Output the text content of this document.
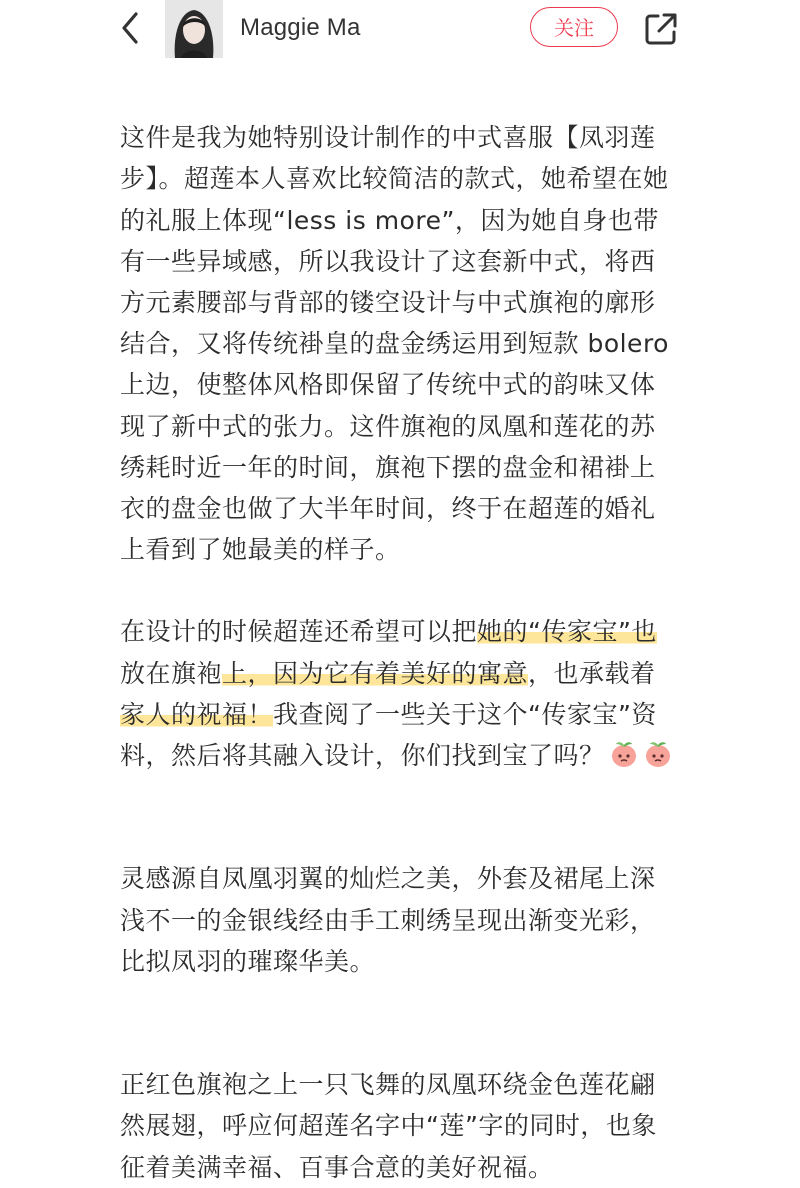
Maggie Ma	关注

这件是我为她特别设计制作的中式喜服【凤羽莲步】。超莲本人喜欢比较简洁的款式，她希望在她的礼服上体现“less is more”，因为她自身也带有一些异域感，所以我设计了这套新中式，将西方元素腰部与背部的镂空设计与中式旗袍的廓形结合，又将传统褂皇的盘金绣运用到短款 bolero 上边，使整体风格即保留了传统中式的韵味又体现了新中式的张力。这件旗袍的凤凰和莲花的苏绣耗时近一年的时间，旗袍下摆的盘金和裙褂上衣的盘金也做了大半年时间，终于在超莲的婚礼上看到了她最美的样子。

在设计的时候超莲还希望可以把她的“传家宝”也放在旗袍上，因为它有着美好的寓意，也承载着家人的祝福！我查阅了一些关于这个“传家宝”资料，然后将其融入设计，你们找到宝了吗？

灵感源自凤凰羽翼的灿烂之美，外套及裙尾上深浅不一的金银线经由手工刺绣呈现出渐变光彩，比拟凤羽的璀璨华美。

正红色旗袍之上一只飞舞的凤凰环绕金色莲花翩然展翅，呼应何超莲名字中“莲”字的同时，也象征着美满幸福、百事合意的美好祝福。
